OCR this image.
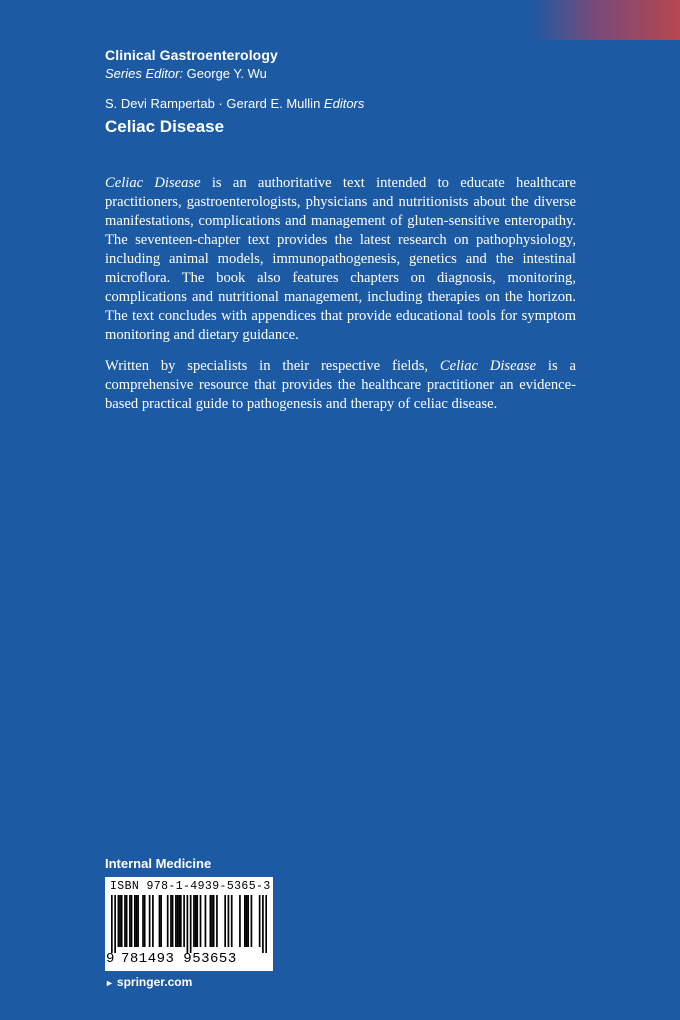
Clinical Gastroenterology
Series Editor: George Y. Wu
S. Devi Rampertab · Gerard E. Mullin Editors
Celiac Disease

Celiac Disease is an authoritative text intended to educate healthcare practitioners, gastroenterologists, physicians and nutritionists about the diverse manifestations, complications and management of gluten-sensitive enteropathy. The seventeen-chapter text provides the latest research on pathophysiology, including animal models, immunopathogenesis, genetics and the intestinal microflora. The book also features chapters on diagnosis, monitoring, complications and nutritional management, including therapies on the horizon. The text concludes with appendices that provide educational tools for symptom monitoring and dietary guidance.

Written by specialists in their respective fields, Celiac Disease is a comprehensive resource that provides the healthcare practitioner an evidence-based practical guide to pathogenesis and therapy of celiac disease.

Internal Medicine
ISBN 978-1-4939-5365-3
9 781493 953653
► springer.com
